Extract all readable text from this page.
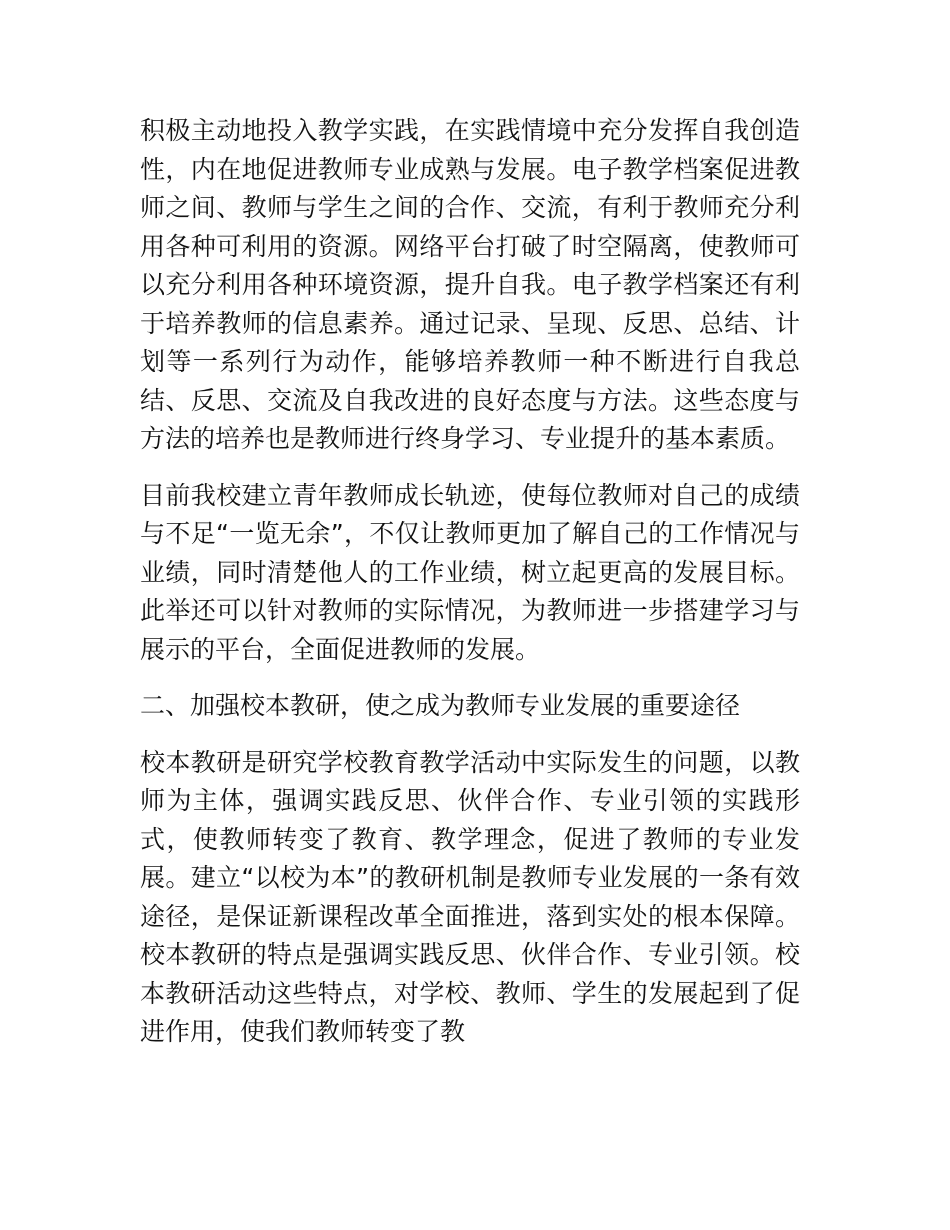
积极主动地投入教学实践，在实践情境中充分发挥自我创造性，内在地促进教师专业成熟与发展。电子教学档案促进教师之间、教师与学生之间的合作、交流，有利于教师充分利用各种可利用的资源。网络平台打破了时空隔离，使教师可以充分利用各种环境资源，提升自我。电子教学档案还有利于培养教师的信息素养。通过记录、呈现、反思、总结、计划等一系列行为动作，能够培养教师一种不断进行自我总结、反思、交流及自我改进的良好态度与方法。这些态度与方法的培养也是教师进行终身学习、专业提升的基本素质。

目前我校建立青年教师成长轨迹，使每位教师对自己的成绩与不足“一览无余”，不仅让教师更加了解自己的工作情况与业绩，同时清楚他人的工作业绩，树立起更高的发展目标。此举还可以针对教师的实际情况，为教师进一步搭建学习与展示的平台，全面促进教师的发展。

二、加强校本教研，使之成为教师专业发展的重要途径

校本教研是研究学校教育教学活动中实际发生的问题，以教师为主体，强调实践反思、伙伴合作、专业引领的实践形式，使教师转变了教育、教学理念，促进了教师的专业发展。建立“以校为本”的教研机制是教师专业发展的一条有效途径，是保证新课程改革全面推进，落到实处的根本保障。校本教研的特点是强调实践反思、伙伴合作、专业引领。校本教研活动这些特点，对学校、教师、学生的发展起到了促进作用，使我们教师转变了教
